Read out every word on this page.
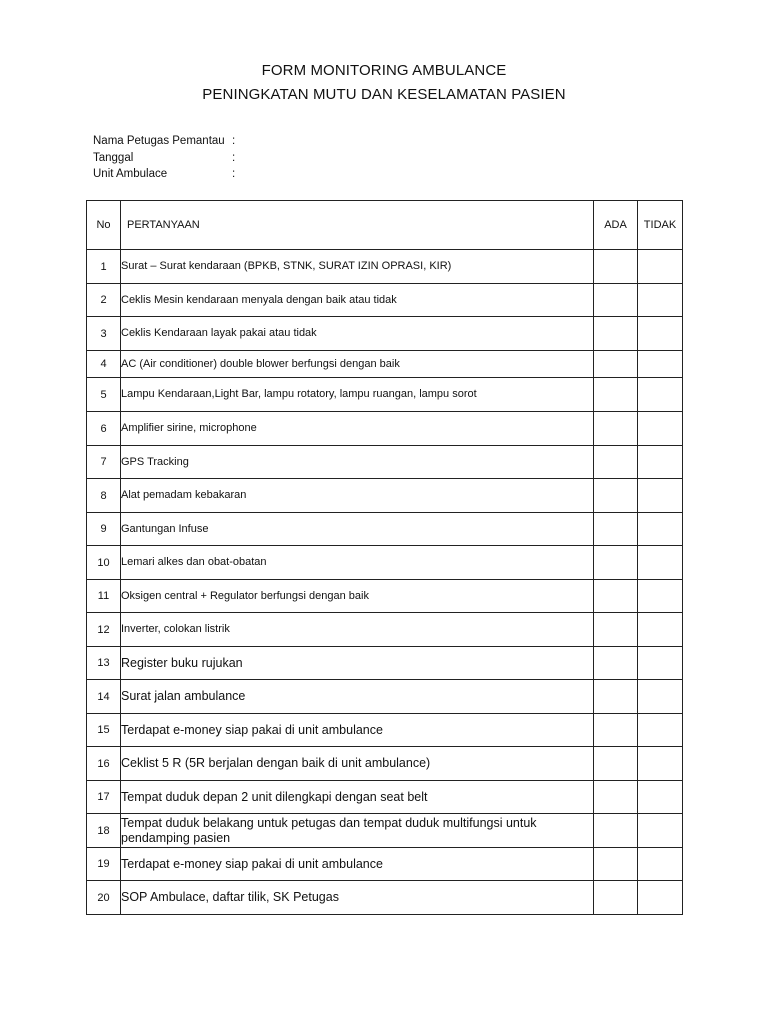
FORM MONITORING AMBULANCE
PENINGKATAN MUTU DAN KESELAMATAN PASIEN
Nama Petugas Pemantau :
Tanggal	:
Unit Ambulace	:
No	PERTANYAAN	ADA	TIDAK
1	Surat – Surat kendaraan (BPKB, STNK, SURAT IZIN OPRASI, KIR)		
2	Ceklis Mesin kendaraan menyala dengan baik atau tidak		
3	Ceklis Kendaraan layak pakai atau tidak		
4	AC (Air conditioner) double blower berfungsi dengan baik		
5	Lampu Kendaraan,Light Bar, lampu rotatory, lampu ruangan, lampu sorot		
6	Amplifier sirine, microphone		
7	GPS Tracking		
8	Alat pemadam kebakaran		
9	Gantungan Infuse		
10	Lemari alkes dan obat-obatan		
11	Oksigen central + Regulator berfungsi dengan baik		
12	Inverter, colokan listrik		
13	Register buku rujukan		
14	Surat jalan ambulance		
15	Terdapat e-money siap pakai di unit ambulance		
16	Ceklist 5 R (5R berjalan dengan baik di unit ambulance)		
17	Tempat duduk depan 2 unit dilengkapi dengan seat belt		
18	Tempat duduk belakang untuk petugas dan tempat duduk multifungsi untuk pendamping pasien		
19	Terdapat e-money siap pakai di unit ambulance		
20	SOP Ambulace, daftar tilik, SK Petugas		
